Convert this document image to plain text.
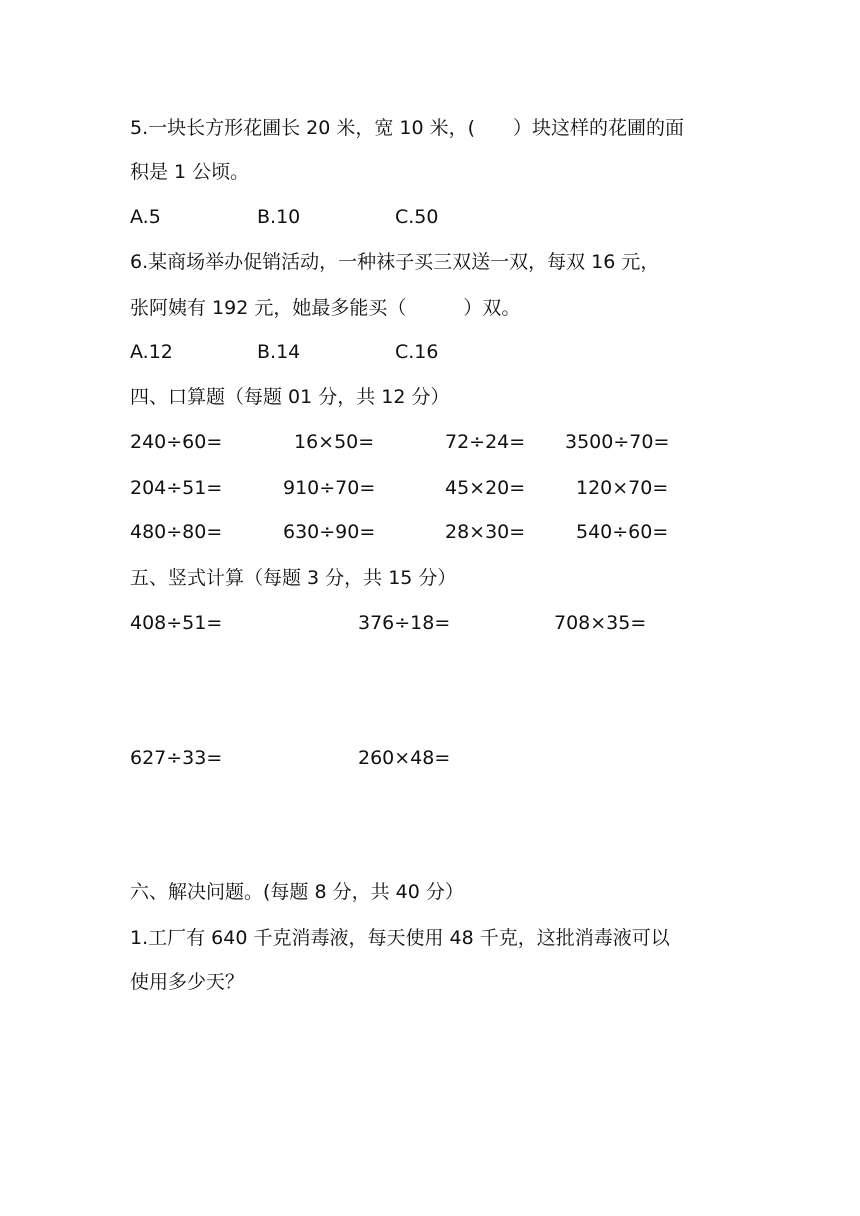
5.一块长方形花圃长 20 米，宽 10 米，(　　）块这样的花圃的面
积是 1 公顷。
A.5	B.10	C.50
6.某商场举办促销活动，一种袜子买三双送一双，每双 16 元，
张阿姨有 192 元，她最多能买（　　　）双。
A.12	B.14	C.16
四、口算题（每题 01 分，共 12 分）
240÷60=	16×50=	72÷24= 3500÷70=
204÷51=	910÷70=	45×20=	120×70=
480÷80=	630÷90=	28×30=	540÷60=
五、竖式计算（每题 3 分，共 15 分）
408÷51=	376÷18=	708×35=
627÷33=	260×48=
六、解决问题。(每题 8 分，共 40 分）
1.工厂有 640 千克消毒液，每天使用 48 千克，这批消毒液可以
使用多少天？
